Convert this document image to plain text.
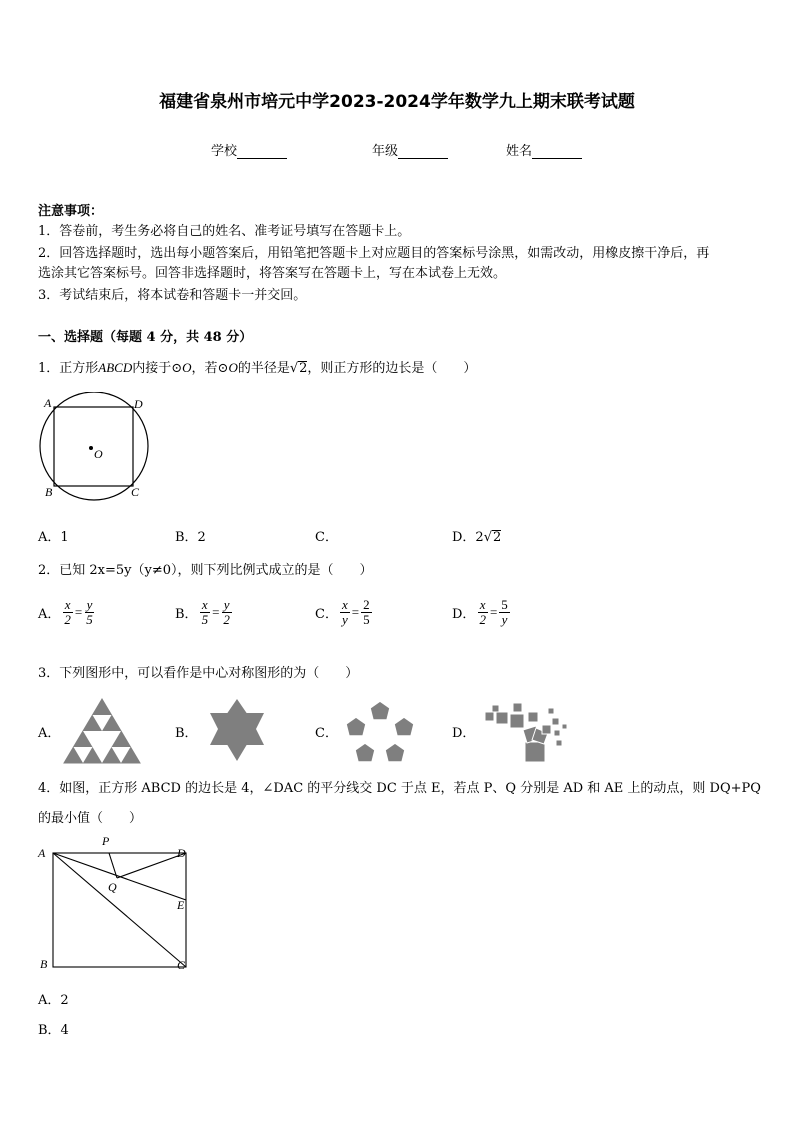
福建省泉州市培元中学2023-2024学年数学九上期末联考试题
学校	年级	姓名
注意事项：
1．答卷前，考生务必将自己的姓名、准考证号填写在答题卡上。
2．回答选择题时，选出每小题答案后，用铅笔把答题卡上对应题目的答案标号涂黑，如需改动，用橡皮擦干净后，再
选涂其它答案标号。回答非选择题时，将答案写在答题卡上，写在本试卷上无效。
3．考试结束后，将本试卷和答题卡一并交回。
一、选择题（每题 4 分，共 48 分）
1．正方形ABCD内接于⊙O，若⊙O的半径是√2，则正方形的边长是（　　）
A	D
B	C
O
A．1	B．2	C．	D．2√2
2．已知 2x=5y（y≠0），则下列比例式成立的是（　　）
A． $\frac{x}{2} = \frac{y}{5}$	B． $\frac{x}{5} = \frac{y}{2}$	C． $\frac{x}{y} = \frac{2}{5}$	D． $\frac{x}{2} = \frac{5}{y}$
3．下列图形中，可以看作是中心对称图形的为（　　）
A．	B．	C．	D．
4．如图，正方形 ABCD 的边长是 4，∠DAC 的平分线交 DC 于点 E，若点 P、Q 分别是 AD 和 AE 上的动点，则 DQ+PQ
的最小值（　　）
A	D
B	C
E
P
Q
A．2
B．4
